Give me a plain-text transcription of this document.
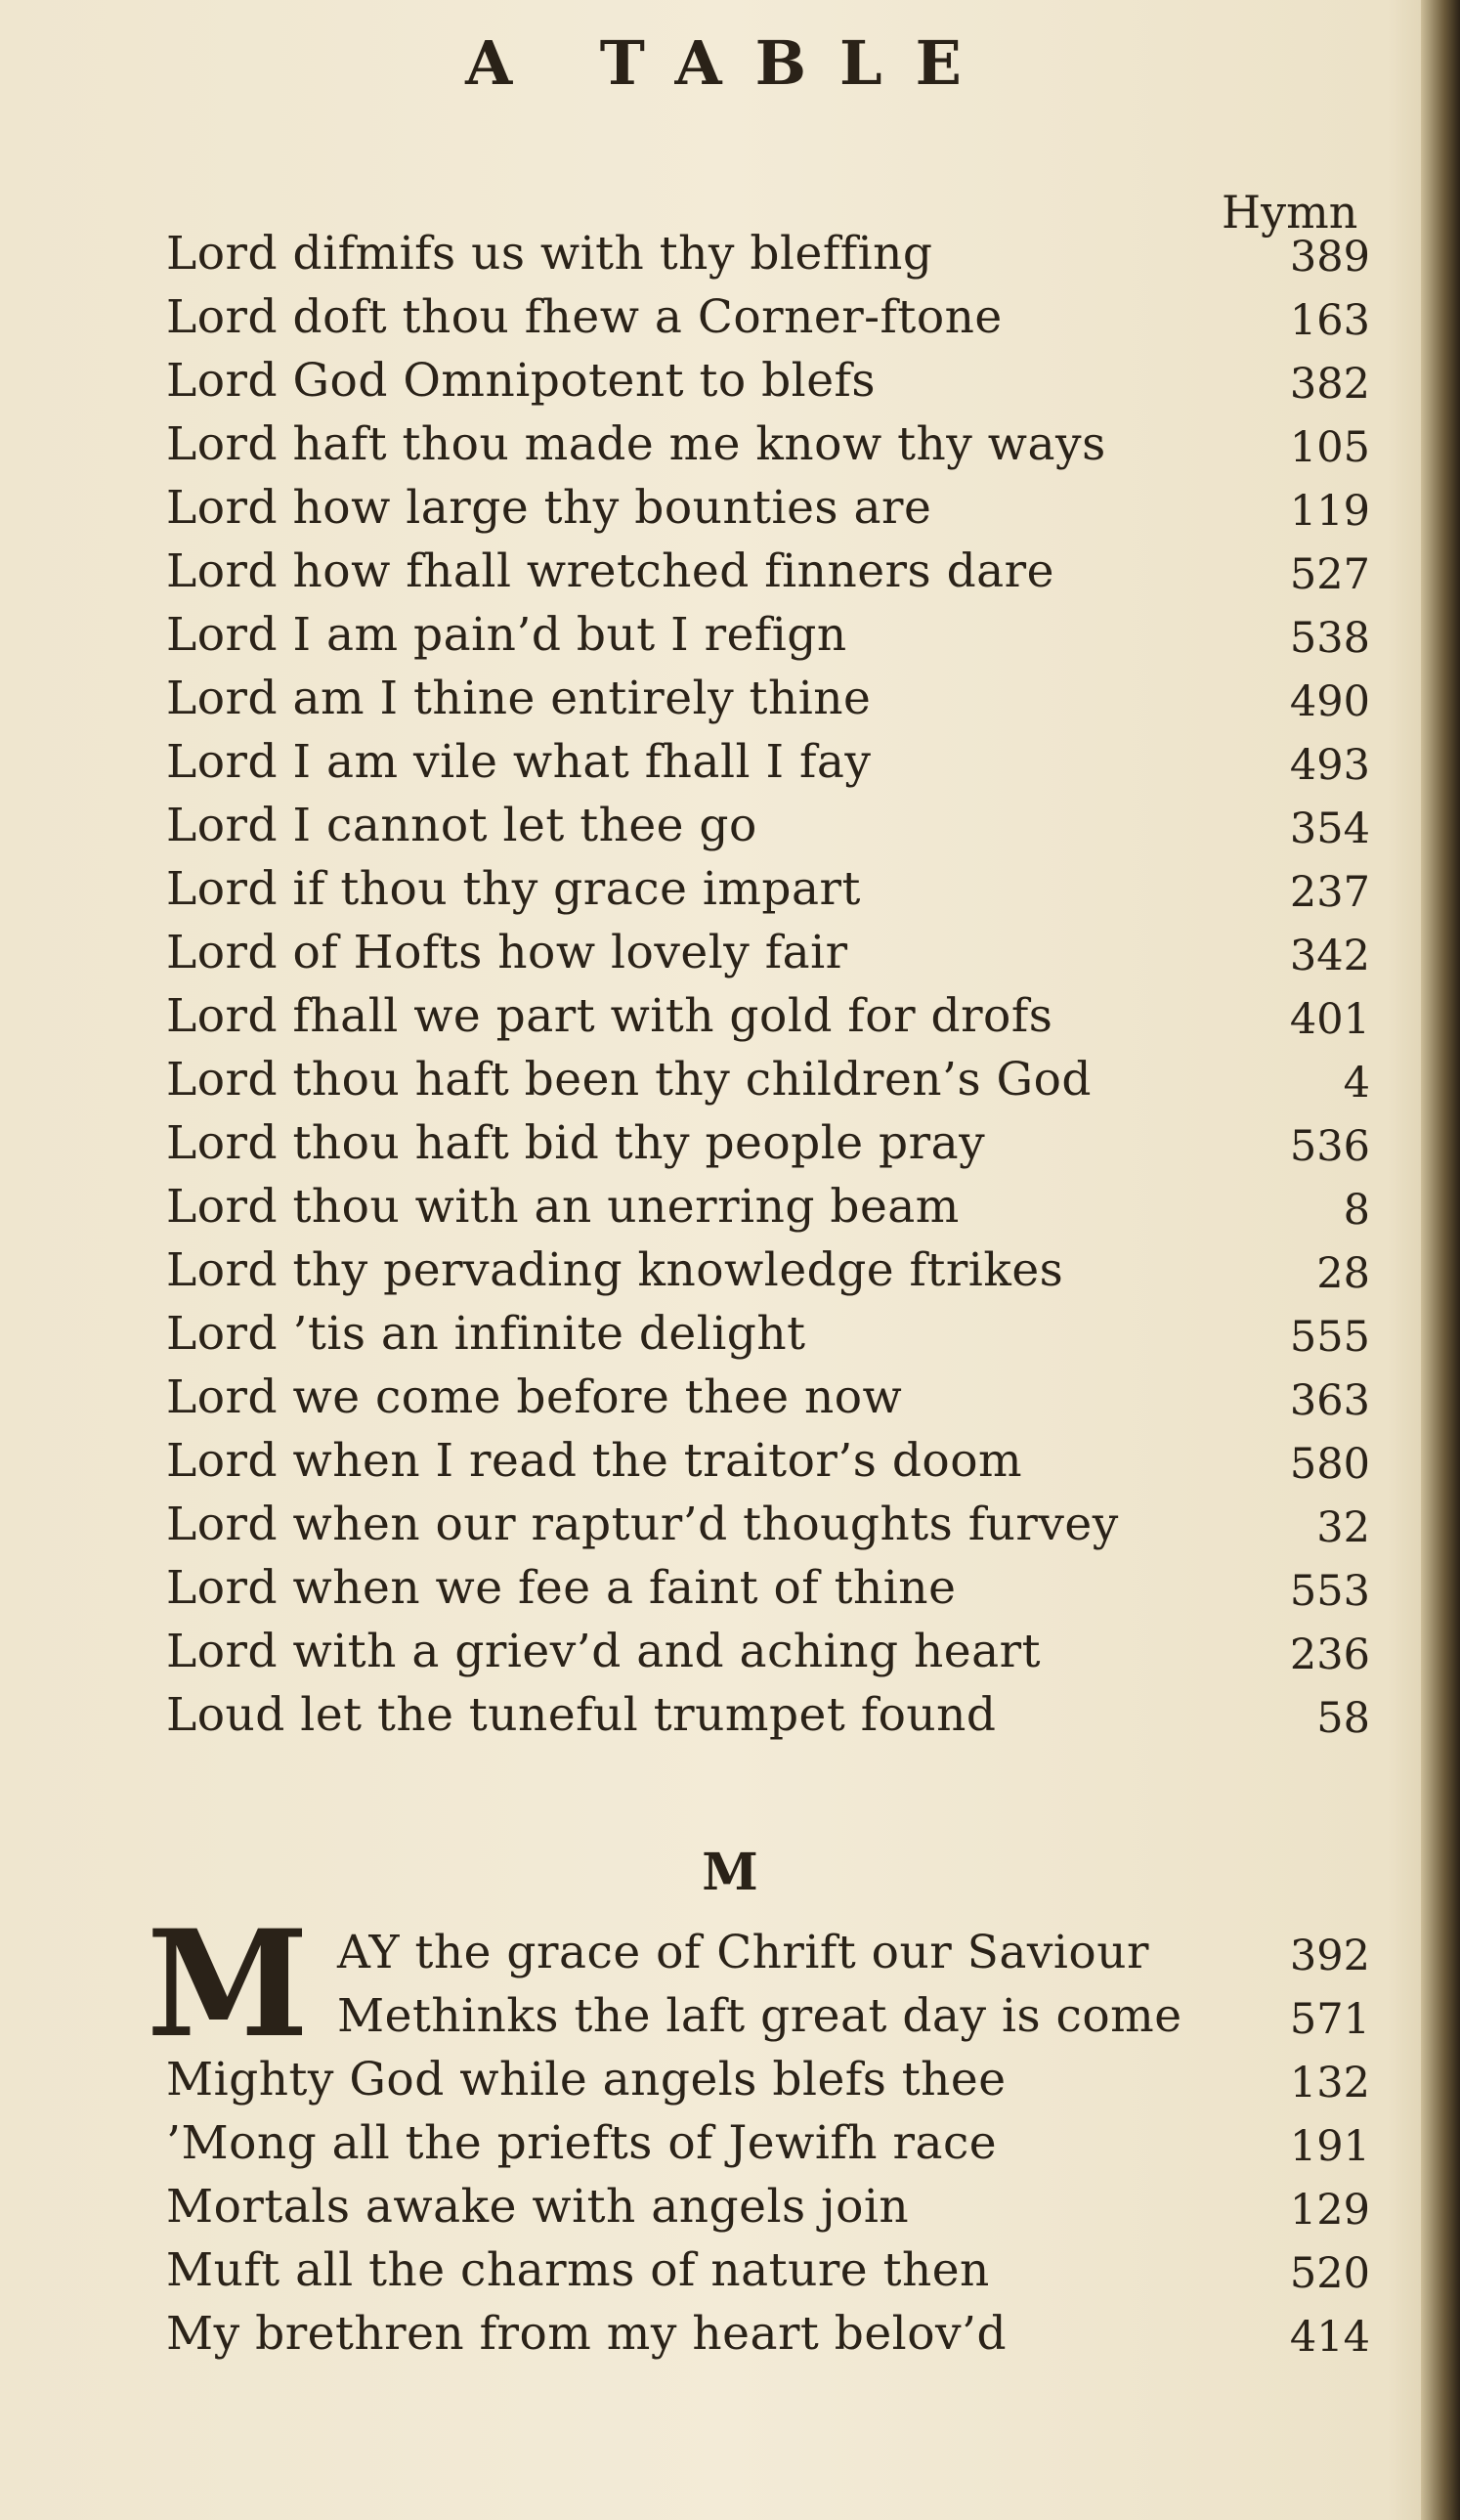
A TABLE
Hymn
Lord difmifs us with thy bleffing	389
Lord doft thou fhew a Corner-ftone	163
Lord God Omnipotent to blefs	382
Lord haft thou made me know thy ways	105
Lord how large thy bounties are	119
Lord how fhall wretched finners dare	527
Lord I am pain’d but I refign	538
Lord am I thine entirely thine	490
Lord I am vile what fhall I fay	493
Lord I cannot let thee go	354
Lord if thou thy grace impart	237
Lord of Hofts how lovely fair	342
Lord fhall we part with gold for drofs	401
Lord thou haft been thy children’s God	4
Lord thou haft bid thy people pray	536
Lord thou with an unerring beam	8
Lord thy pervading knowledge ftrikes	28
Lord ’tis an infinite delight	555
Lord we come before thee now	363
Lord when I read the traitor’s doom	580
Lord when our raptur’d thoughts furvey	32
Lord when we fee a faint of thine	553
Lord with a griev’d and aching heart	236
Loud let the tuneful trumpet found	58
M
M AY the grace of Chrift our Saviour	392
Methinks the laft great day is come	571
Mighty God while angels blefs thee	132
’Mong all the priefts of Jewifh race	191
Mortals awake with angels join	129
Muft all the charms of nature then	520
My brethren from my heart belov’d	414
